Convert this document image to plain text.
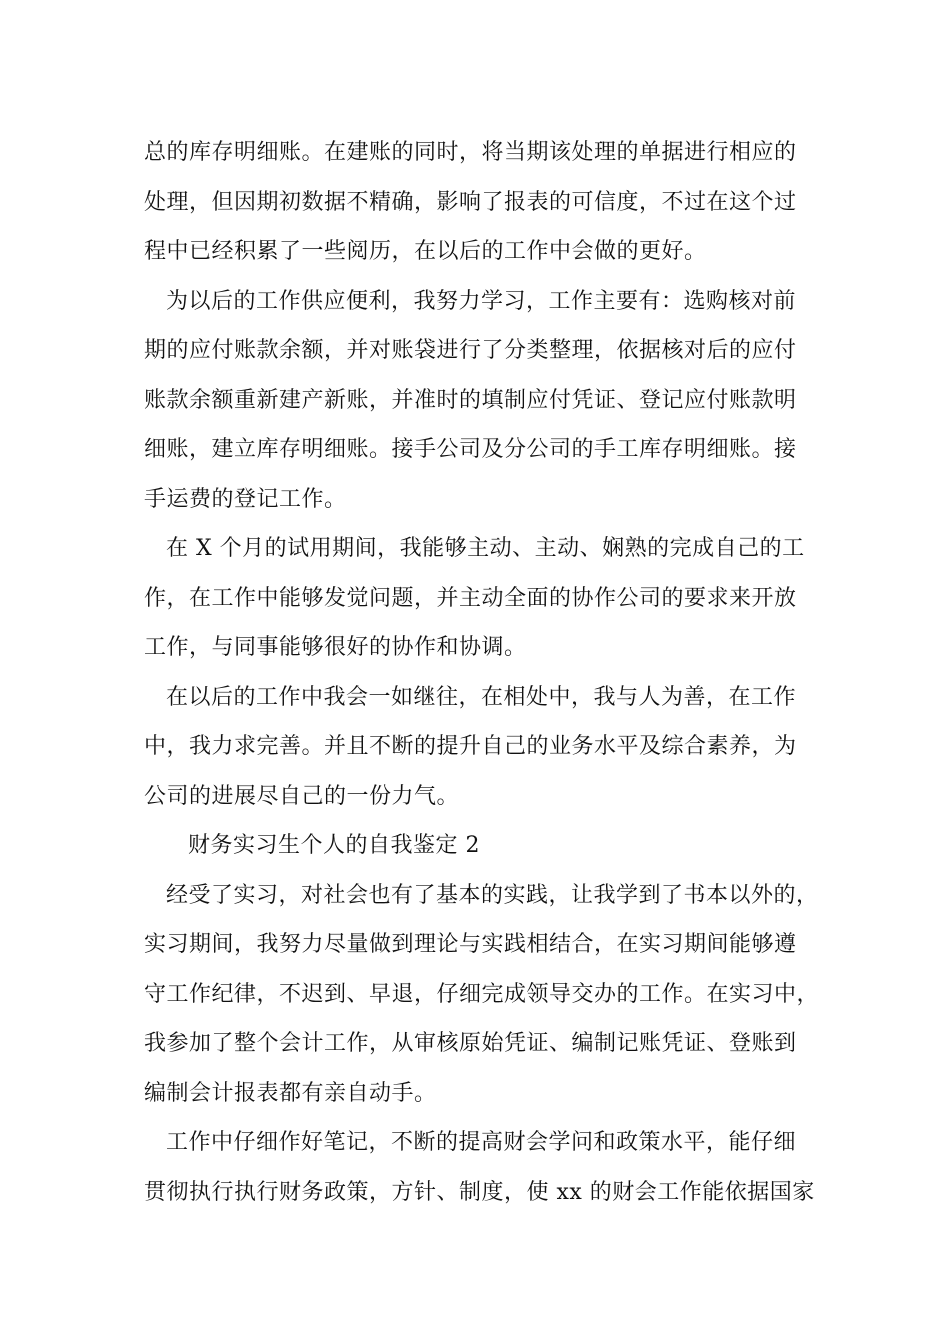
总的库存明细账。在建账的同时，将当期该处理的单据进行相应的
处理，但因期初数据不精确，影响了报表的可信度，不过在这个过
程中已经积累了一些阅历，在以后的工作中会做的更好。

为以后的工作供应便利，我努力学习，工作主要有：选购核对前
期的应付账款余额，并对账袋进行了分类整理，依据核对后的应付
账款余额重新建产新账，并准时的填制应付凭证、登记应付账款明
细账，建立库存明细账。接手公司及分公司的手工库存明细账。接
手运费的登记工作。

在 X 个月的试用期间，我能够主动、主动、娴熟的完成自己的工
作，在工作中能够发觉问题，并主动全面的协作公司的要求来开放
工作，与同事能够很好的协作和协调。

在以后的工作中我会一如继往，在相处中，我与人为善，在工作
中，我力求完善。并且不断的提升自己的业务水平及综合素养，为
公司的进展尽自己的一份力气。

财务实习生个人的自我鉴定 2

经受了实习，对社会也有了基本的实践，让我学到了书本以外的，
实习期间，我努力尽量做到理论与实践相结合，在实习期间能够遵
守工作纪律，不迟到、早退，仔细完成领导交办的工作。在实习中，
我参加了整个会计工作，从审核原始凭证、编制记账凭证、登账到
编制会计报表都有亲自动手。

工作中仔细作好笔记，不断的提高财会学问和政策水平，能仔细
贯彻执行执行财务政策，方针、制度，使 xx 的财会工作能依据国家
